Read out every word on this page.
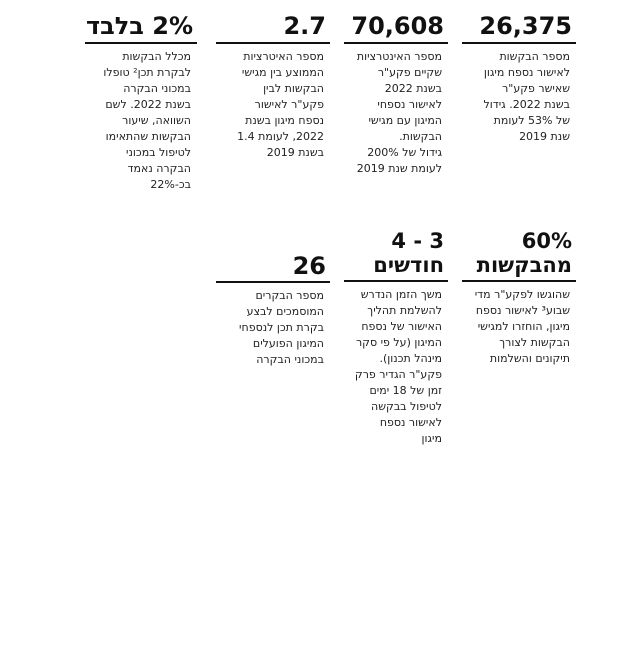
26,375
מספר הבקשות
לאישור נספח מיגון
שאישר פקע"ר
בשנת 2022. גידול
של 53% לעומת
שנת 2019
70,608
מספר האינטרציות
שקיים פקע"ר
בשנת 2022
לאישור נספחי
המיגון עם מגישי
הבקשות.
גידול של 200%
לעומת שנת 2019
2.7
מספר האיטרציות
הממוצע בין מגישי
הבקשות לבין
פקע"ר לאישור
נספח מיגון בשנת
2022, לעומת 1.4
בשנת 2019
2% בלבד
מכלל הבקשות
לבקרת תכן² טופלו
במכוני הבקרה
בשנת 2022. לשם
השוואה, שיעור
הבקשות שהתאימו
לטיפול במכוני
הבקרה נאמד
בכ-22%
60%
מהבקשות
שהוגשו לפקע"ר מדי
שבוע³ לאישור נספח
מיגון, הוחזרו למגישי
הבקשות לצורך
תיקונים והשלמות
3 - 4
חודשים
משך הזמן הנדרש
להשלמת תהליך
האישור של נספח
המיגון (על פי סקר
מינהל תכנון).
פקע"ר הגדיר פרק
זמן של 18 ימים
לטיפול בבקשה
לאישור נספח
מיגון
26
מספר הבקרים
המוסמכים לבצע
בקרת תכן לנספחי
המיגון הפועלים
במכוני הבקרה
